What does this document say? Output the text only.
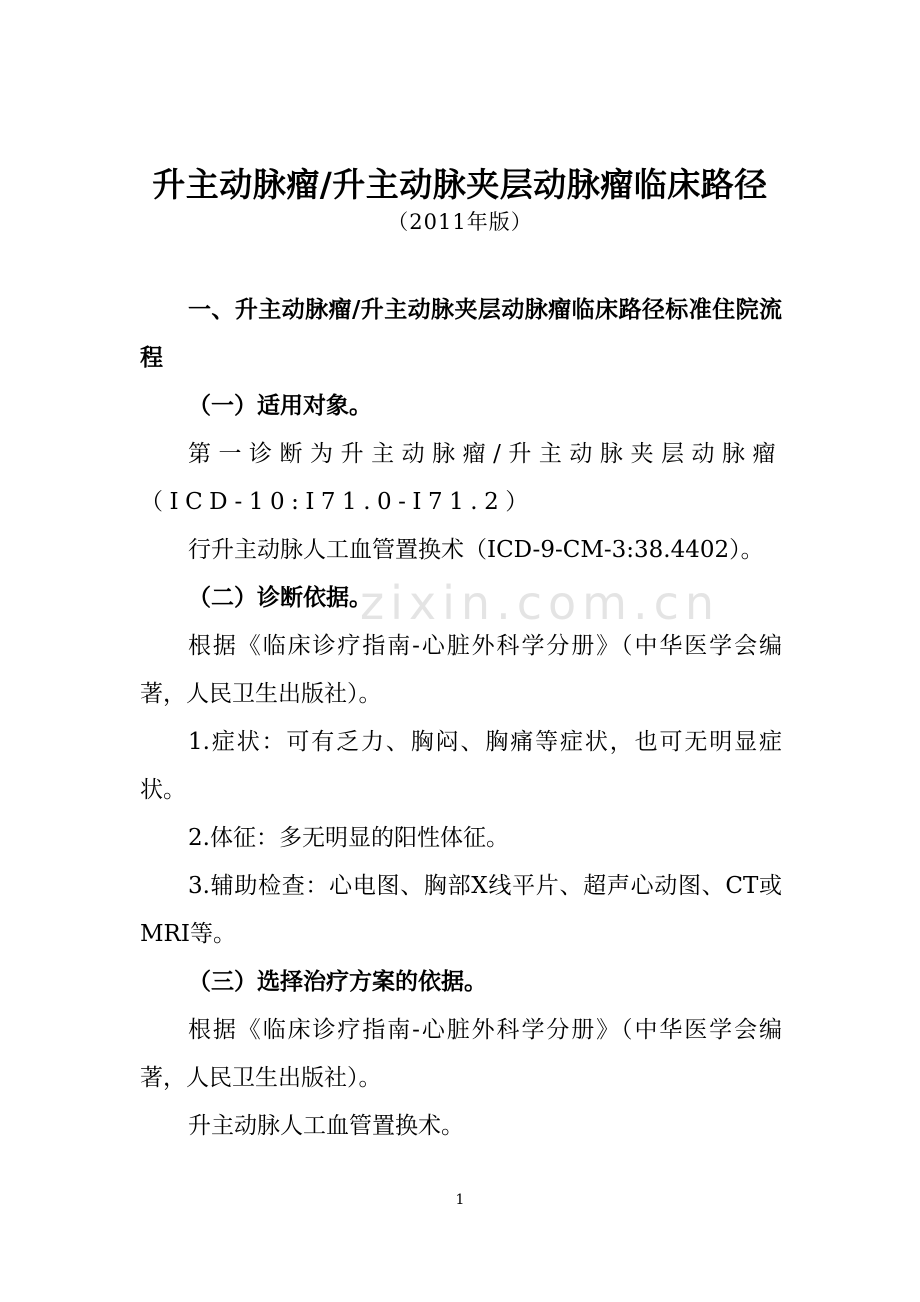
zixin.com.cn
升主动脉瘤/升主动脉夹层动脉瘤临床路径
（2011年版）

一、升主动脉瘤/升主动脉夹层动脉瘤临床路径标准住院流程

（一）适用对象。

第一诊断为升主动脉瘤/升主动脉夹层动脉瘤（ICD-10:I71.0-I71.2）

行升主动脉人工血管置换术（ICD-9-CM-3:38.4402）。

（二）诊断依据。

根据《临床诊疗指南-心脏外科学分册》（中华医学会编著，人民卫生出版社）。

1.症状：可有乏力、胸闷、胸痛等症状，也可无明显症状。

2.体征：多无明显的阳性体征。

3.辅助检查：心电图、胸部X线平片、超声心动图、CT或MRI等。

（三）选择治疗方案的依据。

根据《临床诊疗指南-心脏外科学分册》（中华医学会编著，人民卫生出版社）。

升主动脉人工血管置换术。

1
